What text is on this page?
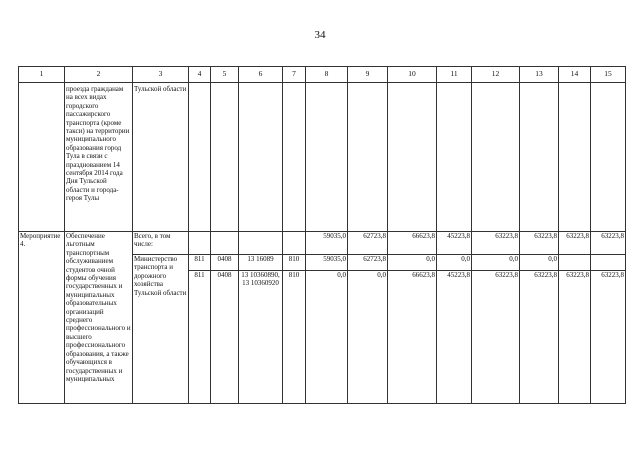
34
1	2	3	4	5	6	7	8	9	10	11	12	13	14	15
	проезда гражданам на всех видах городского пассажирского транспорта (кроме такси) на территории муниципального образования город Тула в связи с празднованием 14 сентября 2014 года Дня Тульской области и города-героя Тулы	Тульской области												
Мероприятие 4.	Обеспечение льготным транспортным обслуживанием студентов очной формы обучения государственных и муниципальных образовательных организаций среднего профессионального и высшего профессионального образования, а также обучающихся в государственных и муниципальных	Всего, в том числе:					59035,0	62723,8	66623,8	45223,8	63223,8	63223,8	63223,8	63223,8
		Министерство транспорта и дорожного хозяйства Тульской области	811	0408	13 16089	810	59035,0	62723,8	0,0	0,0	0,0	0,0		
			811	0408	13 10360890, 13 10360920	810	0,0	0,0	66623,8	45223,8	63223,8	63223,8	63223,8	63223,8
